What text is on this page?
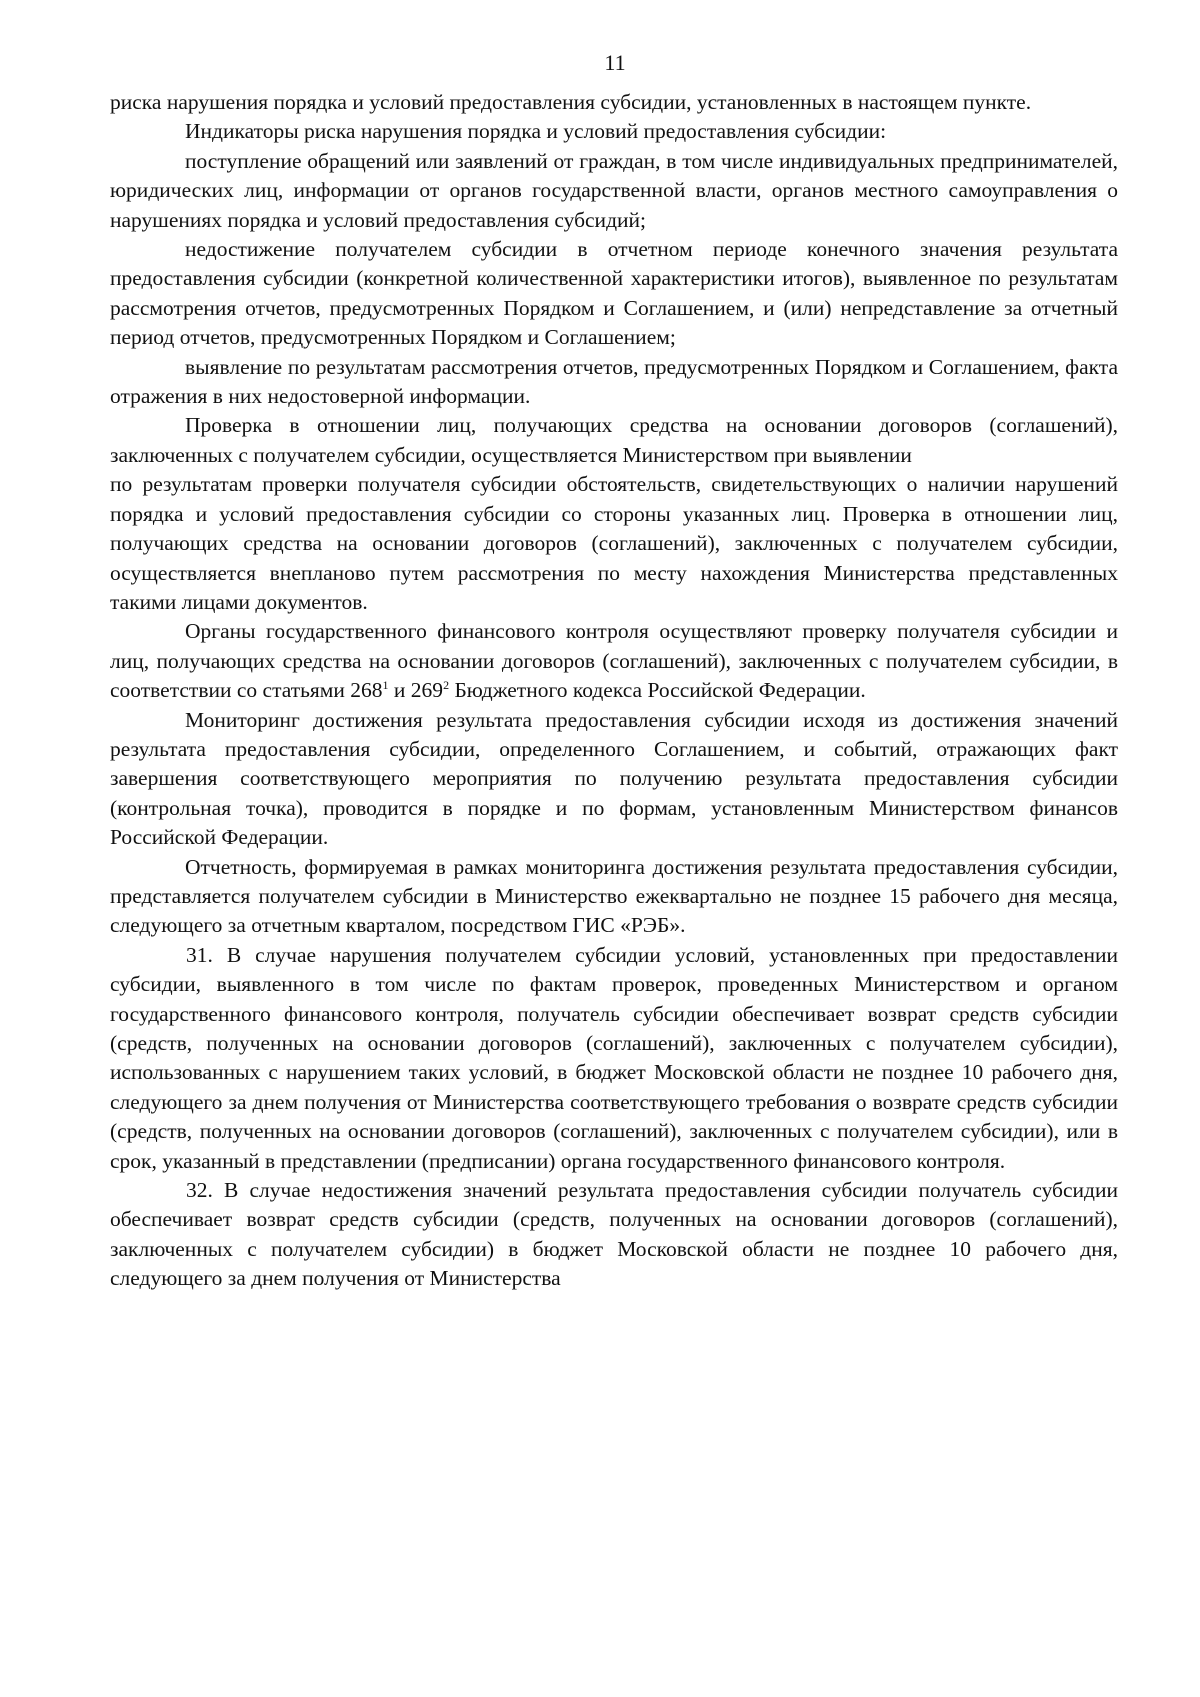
11

риска нарушения порядка и условий предоставления субсидии, установленных в настоящем пункте.

Индикаторы риска нарушения порядка и условий предоставления субсидии:

поступление обращений или заявлений от граждан, в том числе индивидуальных предпринимателей, юридических лиц, информации от органов государственной власти, органов местного самоуправления о нарушениях порядка и условий предоставления субсидий;

недостижение получателем субсидии в отчетном периоде конечного значения результата предоставления субсидии (конкретной количественной характеристики итогов), выявленное по результатам рассмотрения отчетов, предусмотренных Порядком и Соглашением, и (или) непредставление за отчетный период отчетов, предусмотренных Порядком и Соглашением;

выявление по результатам рассмотрения отчетов, предусмотренных Порядком и Соглашением, факта отражения в них недостоверной информации.

Проверка в отношении лиц, получающих средства на основании договоров (соглашений), заключенных с получателем субсидии, осуществляется Министерством при выявлении

по результатам проверки получателя субсидии обстоятельств, свидетельствующих о наличии нарушений порядка и условий предоставления субсидии со стороны указанных лиц. Проверка в отношении лиц, получающих средства на основании договоров (соглашений), заключенных с получателем субсидии, осуществляется внепланово путем рассмотрения по месту нахождения Министерства представленных такими лицами документов.

Органы государственного финансового контроля осуществляют проверку получателя субсидии и лиц, получающих средства на основании договоров (соглашений), заключенных с получателем субсидии, в соответствии со статьями $268^1$ и $269^2$ Бюджетного кодекса Российской Федерации.

Мониторинг достижения результата предоставления субсидии исходя из достижения значений результата предоставления субсидии, определенного Соглашением, и событий, отражающих факт завершения соответствующего мероприятия по получению результата предоставления субсидии (контрольная точка), проводится в порядке и по формам, установленным Министерством финансов Российской Федерации.

Отчетность, формируемая в рамках мониторинга достижения результата предоставления субсидии, представляется получателем субсидии в Министерство ежеквартально не позднее 15 рабочего дня месяца, следующего за отчетным кварталом, посредством ГИС «РЭБ».

31. В случае нарушения получателем субсидии условий, установленных при предоставлении субсидии, выявленного в том числе по фактам проверок, проведенных Министерством и органом государственного финансового контроля, получатель субсидии обеспечивает возврат средств субсидии (средств, полученных на основании договоров (соглашений), заключенных с получателем субсидии), использованных с нарушением таких условий, в бюджет Московской области не позднее 10 рабочего дня, следующего за днем получения от Министерства соответствующего требования о возврате средств субсидии (средств, полученных на основании договоров (соглашений), заключенных с получателем субсидии), или в срок, указанный в представлении (предписании) органа государственного финансового контроля.

32. В случае недостижения значений результата предоставления субсидии получатель субсидии обеспечивает возврат средств субсидии (средств, полученных на основании договоров (соглашений), заключенных с получателем субсидии) в бюджет Московской области не позднее 10 рабочего дня, следующего за днем получения от Министерства
